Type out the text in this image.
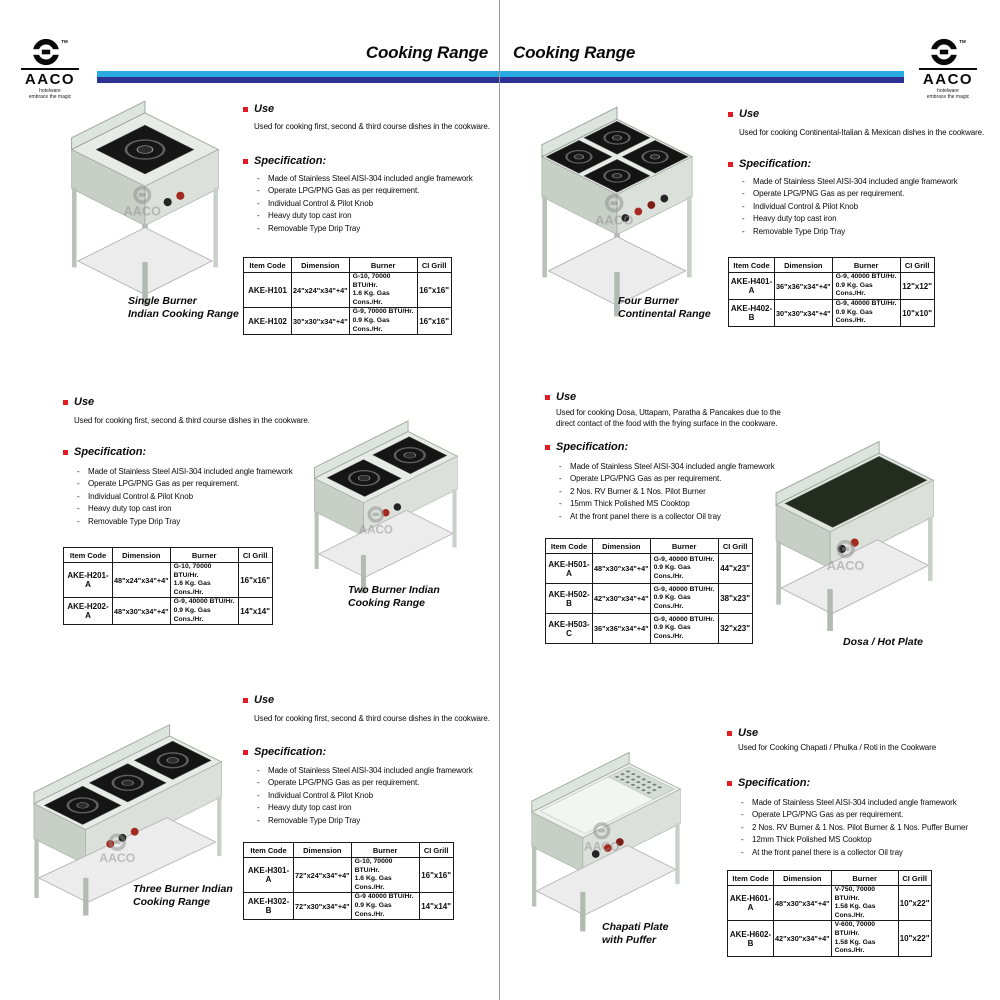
Cooking Range Cooking Range
TM
AACO
hotelware
embrace the magic
TM
AACO
hotelware
embrace the magic
Single Burner
Indian Cooking Range
Use
Used for cooking first, second & third course dishes in the cookware.
Specification:
- Made of Stainless Steel AISI-304 included angle framework
- Operate LPG/PNG Gas as per requirement.
- Individual Control & Pilot Knob
- Heavy duty top cast iron
- Removable Type Drip Tray
Item Code	Dimension	Burner	CI Grill
AKE-H101	24"x24"x34"+4"	G-10, 70000 BTU/Hr.
1.6 Kg. Gas Cons./Hr.	16"x16"
AKE-H102	30"x30"x34"+4"	G-9, 70000 BTU/Hr.
0.9 Kg. Gas Cons./Hr.	16"x16"
Four Burner
Continental Range
Use
Used for cooking Continental-Italian & Mexican dishes in the cookware.
Specification:
- Made of Stainless Steel AISI-304 included angle framework
- Operate LPG/PNG Gas as per requirement.
- Individual Control & Pilot Knob
- Heavy duty top cast iron
- Removable Type Drip Tray
Item Code	Dimension	Burner	CI Grill
AKE-H401-A	36"x36"x34"+4"	G-9, 40000 BTU/Hr.
0.9 Kg. Gas Cons./Hr.	12"x12"
AKE-H402-B	30"x30"x34"+4"	G-9, 40000 BTU/Hr.
0.9 Kg. Gas Cons./Hr.	10"x10"
Use
Used for cooking first, second & third course dishes in the cookware.
Specification:
- Made of Stainless Steel AISI-304 included angle framework
- Operate LPG/PNG Gas as per requirement.
- Individual Control & Pilot Knob
- Heavy duty top cast iron
- Removable Type Drip Tray
Item Code	Dimension	Burner	CI Grill
AKE-H201-A	48"x24"x34"+4"	G-10, 70000 BTU/Hr.
1.6 Kg. Gas Cons./Hr.	16"x16"
AKE-H202-A	48"x30"x34"+4"	G-9, 40000 BTU/Hr.
0.9 Kg. Gas Cons./Hr.	14"x14"
Two Burner Indian
Cooking Range
Use
Used for cooking Dosa, Uttapam, Paratha & Pancakes due to the direct contact of the food with the frying surface in the cookware.
Specification:
- Made of Stainless Steel AISI-304 included angle framework
- Operate LPG/PNG Gas as per requirement.
- 2 Nos. RV Burner & 1 Nos. Pilot Burner
- 15mm Thick Polished MS Cooktop
- At the front panel there is a collector Oil tray
Item Code	Dimension	Burner	CI Grill
AKE-H501-A	48"x30"x34"+4"	G-9, 40000 BTU/Hr.
0.9 Kg. Gas Cons./Hr.	44"x23"
AKE-H502-B	42"x30"x34"+4"	G-9, 40000 BTU/Hr.
0.9 Kg. Gas Cons./Hr.	38"x23"
AKE-H503-C	36"x36"x34"+4"	G-9, 40000 BTU/Hr.
0.9 Kg. Gas Cons./Hr.	32"x23"
Dosa / Hot Plate
Three Burner Indian
Cooking Range
Use
Used for cooking first, second & third course dishes in the cookware.
Specification:
- Made of Stainless Steel AISI-304 included angle framework
- Operate LPG/PNG Gas as per requirement.
- Individual Control & Pilot Knob
- Heavy duty top cast iron
- Removable Type Drip Tray
Item Code	Dimension	Burner	CI Grill
AKE-H301-A	72"x24"x34"+4"	G-10, 70000 BTU/Hr.
1.6 Kg. Gas Cons./Hr.	16"x16"
AKE-H302-B	72"x30"x34"+4"	G-9 40000 BTU/Hr.
0.9 Kg. Gas Cons./Hr.	14"x14"
Chapati Plate
with Puffer
Use
Used for Cooking Chapati / Phulka / Roti in the Cookware
Specification:
- Made of Stainless Steel AISI-304 included angle framework
- Operate LPG/PNG Gas as per requirement.
- 2 Nos. RV Burner & 1 Nos. Pilot Burner & 1 Nos. Puffer Burner
- 12mm Thick Polished MS Cooktop
- At the front panel there is a collector Oil tray
Item Code	Dimension	Burner	CI Grill
AKE-H601-A	48"x30"x34"+4"	V-750, 70000 BTU/Hr.
1.58 Kg. Gas Cons./Hr.	10"x22"
AKE-H602-B	42"x30"x34"+4"	V-600, 70000 BTU/Hr.
1.58 Kg. Gas Cons./Hr.	10"x22"
